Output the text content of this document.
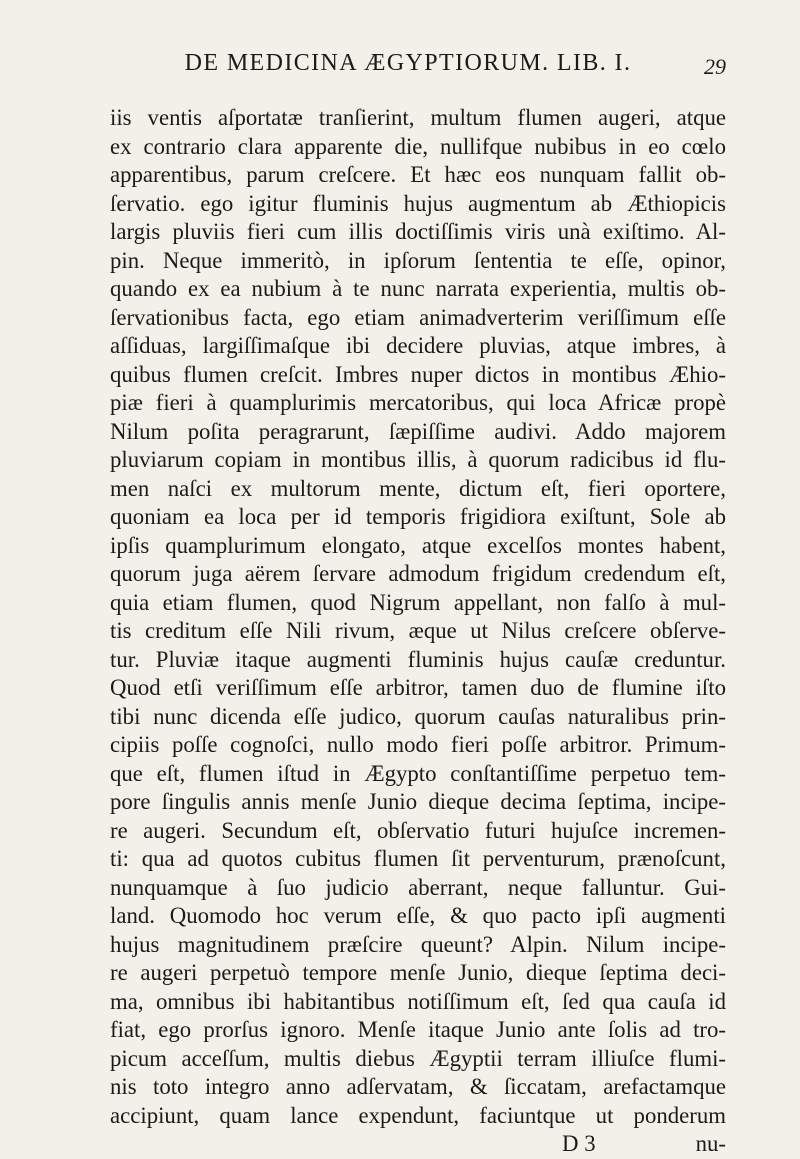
DE MEDICINA ÆGYPTIORUM. LIB. I.	29
iis ventis aſportatæ tranſierint, multum flumen augeri, atque
ex contrario clara apparente die, nullifque nubibus in eo cœlo
apparentibus, parum creſcere. Et hæc eos nunquam fallit ob-
ſervatio. ego igitur fluminis hujus augmentum ab Æthiopicis
largis pluviis fieri cum illis doctiſſimis viris unà exiſtimo. Al-
pin. Neque immeritò, in ipſorum ſententia te eſſe, opinor,
quando ex ea nubium à te nunc narrata experientia, multis ob-
ſervationibus facta, ego etiam animadverterim veriſſimum eſſe
aſſiduas, largiſſimaſque ibi decidere pluvias, atque imbres, à
quibus flumen creſcit. Imbres nuper dictos in montibus Æhio-
piæ fieri à quamplurimis mercatoribus, qui loca Africæ propè
Nilum poſita peragrarunt, ſæpiſſime audivi. Addo majorem
pluviarum copiam in montibus illis, à quorum radicibus id flu-
men naſci ex multorum mente, dictum eſt, fieri oportere,
quoniam ea loca per id temporis frigidiora exiſtunt, Sole ab
ipſis quamplurimum elongato, atque excelſos montes habent,
quorum juga aërem ſervare admodum frigidum credendum eſt,
quia etiam flumen, quod Nigrum appellant, non falſo à mul-
tis creditum eſſe Nili rivum, æque ut Nilus creſcere obſerve-
tur. Pluviæ itaque augmenti fluminis hujus cauſæ creduntur.
Quod etſi veriſſimum eſſe arbitror, tamen duo de flumine iſto
tibi nunc dicenda eſſe judico, quorum cauſas naturalibus prin-
cipiis poſſe cognoſci, nullo modo fieri poſſe arbitror. Primum-
que eſt, flumen iſtud in Ægypto conſtantiſſime perpetuo tem-
pore ſingulis annis menſe Junio dieque decima ſeptima, incipe-
re augeri. Secundum eſt, obſervatio futuri hujuſce incremen-
ti: qua ad quotos cubitus flumen ſit perventurum, prænoſcunt,
nunquamque à ſuo judicio aberrant, neque falluntur. Gui-
land. Quomodo hoc verum eſſe, & quo pacto ipſi augmenti
hujus magnitudinem præſcire queunt? Alpin. Nilum incipe-
re augeri perpetuò tempore menſe Junio, dieque ſeptima deci-
ma, omnibus ibi habitantibus notiſſimum eſt, ſed qua cauſa id
fiat, ego prorſus ignoro. Menſe itaque Junio ante ſolis ad tro-
picum acceſſum, multis diebus Ægyptii terram illiuſce flumi-
nis toto integro anno adſervatam, & ſiccatam, arefactamque
accipiunt, quam lance expendunt, faciuntque ut ponderum
D 3	nu-
